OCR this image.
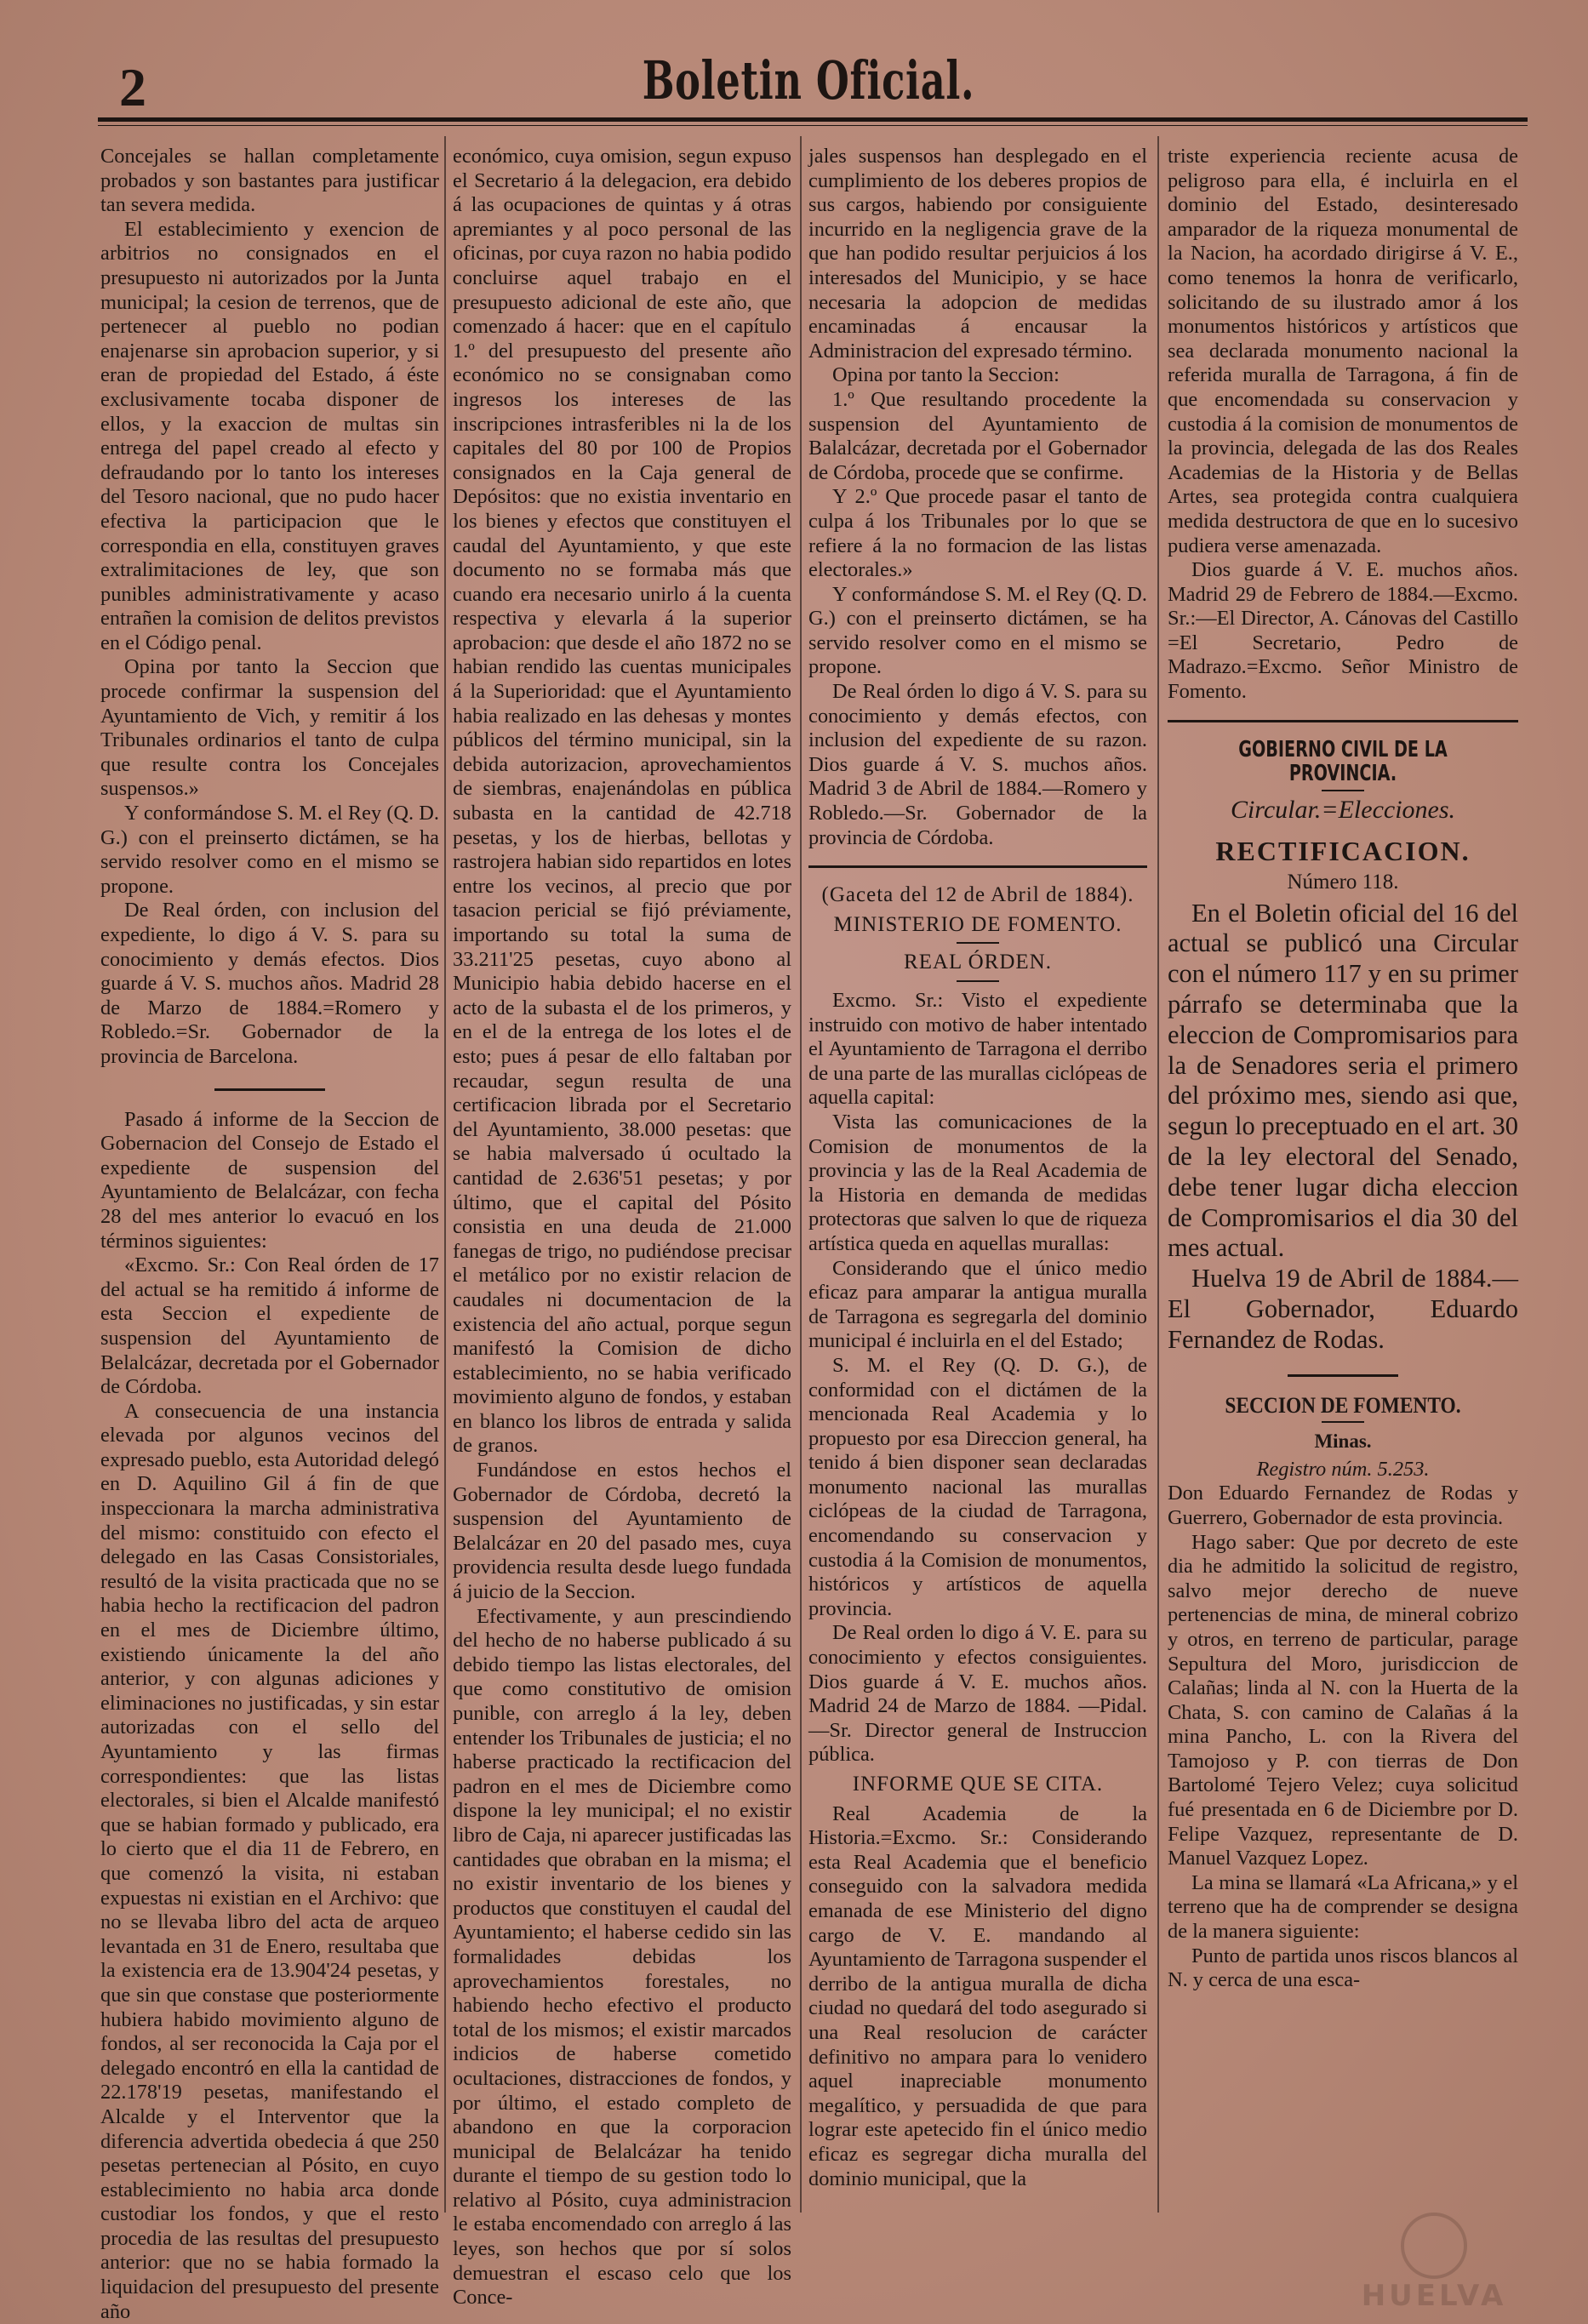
2	Boletin Oficial.

Concejales se hallan completamente probados y son bastantes para justificar tan severa medida.

El establecimiento y exencion de arbitrios no consignados en el presupuesto ni autorizados por la Junta municipal; la cesion de terrenos, que de pertenecer al pueblo no podian enajenarse sin aprobacion superior, y si eran de propiedad del Estado, á éste exclusivamente tocaba disponer de ellos, y la exaccion de multas sin entrega del papel creado al efecto y defraudando por lo tanto los intereses del Tesoro nacional, que no pudo hacer efectiva la participacion que le correspondia en ella, constituyen graves extralimitaciones de ley, que son punibles administrativamente y acaso entrañen la comision de delitos previstos en el Código penal.

Opina por tanto la Seccion que procede confirmar la suspension del Ayuntamiento de Vich, y remitir á los Tribunales ordinarios el tanto de culpa que resulte contra los Concejales suspensos.»

Y conformándose S. M. el Rey (Q. D. G.) con el preinserto dictámen, se ha servido resolver como en el mismo se propone.

De Real órden, con inclusion del expediente, lo digo á V. S. para su conocimiento y demás efectos. Dios guarde á V. S. muchos años. Madrid 28 de Marzo de 1884.=Romero y Robledo.=Sr. Gobernador de la provincia de Barcelona.

Pasado á informe de la Seccion de Gobernacion del Consejo de Estado el expediente de suspension del Ayuntamiento de Belalcázar, con fecha 28 del mes anterior lo evacuó en los términos siguientes:

«Excmo. Sr.: Con Real órden de 17 del actual se ha remitido á informe de esta Seccion el expediente de suspension del Ayuntamiento de Belalcázar, decretada por el Gobernador de Córdoba.

A consecuencia de una instancia elevada por algunos vecinos del expresado pueblo, esta Autoridad delegó en D. Aquilino Gil á fin de que inspeccionara la marcha administrativa del mismo: constituido con efecto el delegado en las Casas Consistoriales, resultó de la visita practicada que no se habia hecho la rectificacion del padron en el mes de Diciembre último, existiendo únicamente la del año anterior, y con algunas adiciones y eliminaciones no justificadas, y sin estar autorizadas con el sello del Ayuntamiento y las firmas correspondientes: que las listas electorales, si bien el Alcalde manifestó que se habian formado y publicado, era lo cierto que el dia 11 de Febrero, en que comenzó la visita, ni estaban expuestas ni existian en el Archivo: que no se llevaba libro del acta de arqueo levantada en 31 de Enero, resultaba que la existencia era de 13.904'24 pesetas, y que sin que constase que posteriormente hubiera habido movimiento alguno de fondos, al ser reconocida la Caja por el delegado encontró en ella la cantidad de 22.178'19 pesetas, manifestando el Alcalde y el Interventor que la diferencia advertida obedecia á que 250 pesetas pertenecian al Pósito, en cuyo establecimiento no habia arca donde custodiar los fondos, y que el resto procedia de las resultas del presupuesto anterior: que no se habia formado la liquidacion del presupuesto del presente año

económico, cuya omision, segun expuso el Secretario á la delegacion, era debido á las ocupaciones de quintas y á otras apremiantes y al poco personal de las oficinas, por cuya razon no habia podido concluirse aquel trabajo en el presupuesto adicional de este año, que comenzado á hacer: que en el capítulo 1.º del presupuesto del presente año económico no se consignaban como ingresos los intereses de las inscripciones intrasferibles ni la de los capitales del 80 por 100 de Propios consignados en la Caja general de Depósitos: que no existia inventario en los bienes y efectos que constituyen el caudal del Ayuntamiento, y que este documento no se formaba más que cuando era necesario unirlo á la cuenta respectiva y elevarla á la superior aprobacion: que desde el año 1872 no se habian rendido las cuentas municipales á la Superioridad: que el Ayuntamiento habia realizado en las dehesas y montes públicos del término municipal, sin la debida autorizacion, aprovechamientos de siembras, enajenándolas en pública subasta en la cantidad de 42.718 pesetas, y los de hierbas, bellotas y rastrojera habian sido repartidos en lotes entre los vecinos, al precio que por tasacion pericial se fijó préviamente, importando su total la suma de 33.211'25 pesetas, cuyo abono al Municipio habia debido hacerse en el acto de la subasta el de los primeros, y en el de la entrega de los lotes el de esto; pues á pesar de ello faltaban por recaudar, segun resulta de una certificacion librada por el Secretario del Ayuntamiento, 38.000 pesetas: que se habia malversado ú ocultado la cantidad de 2.636'51 pesetas; y por último, que el capital del Pósito consistia en una deuda de 21.000 fanegas de trigo, no pudiéndose precisar el metálico por no existir relacion de caudales ni documentacion de la existencia del año actual, porque segun manifestó la Comision de dicho establecimiento, no se habia verificado movimiento alguno de fondos, y estaban en blanco los libros de entrada y salida de granos.

Fundándose en estos hechos el Gobernador de Córdoba, decretó la suspension del Ayuntamiento de Belalcázar en 20 del pasado mes, cuya providencia resulta desde luego fundada á juicio de la Seccion.

Efectivamente, y aun prescindiendo del hecho de no haberse publicado á su debido tiempo las listas electorales, del que como constitutivo de omision punible, con arreglo á la ley, deben entender los Tribunales de justicia; el no haberse practicado la rectificacion del padron en el mes de Diciembre como dispone la ley municipal; el no existir libro de Caja, ni aparecer justificadas las cantidades que obraban en la misma; el no existir inventario de los bienes y productos que constituyen el caudal del Ayuntamiento; el haberse cedido sin las formalidades debidas los aprovechamientos forestales, no habiendo hecho efectivo el producto total de los mismos; el existir marcados indicios de haberse cometido ocultaciones, distracciones de fondos, y por último, el estado completo de abandono en que la corporacion municipal de Belalcázar ha tenido durante el tiempo de su gestion todo lo relativo al Pósito, cuya administracion le estaba encomendado con arreglo á las leyes, son hechos que por sí solos demuestran el escaso celo que los Conce-

jales suspensos han desplegado en el cumplimiento de los deberes propios de sus cargos, habiendo por consiguiente incurrido en la negligencia grave de la que han podido resultar perjuicios á los interesados del Municipio, y se hace necesaria la adopcion de medidas encaminadas á encausar la Administracion del expresado término.

Opina por tanto la Seccion:

1.º Que resultando procedente la suspension del Ayuntamiento de Balalcázar, decretada por el Gobernador de Córdoba, procede que se confirme.

Y 2.º Que procede pasar el tanto de culpa á los Tribunales por lo que se refiere á la no formacion de las listas electorales.»

Y conformándose S. M. el Rey (Q. D. G.) con el preinserto dictámen, se ha servido resolver como en el mismo se propone.

De Real órden lo digo á V. S. para su conocimiento y demás efectos, con inclusion del expediente de su razon. Dios guarde á V. S. muchos años. Madrid 3 de Abril de 1884.—Romero y Robledo.—Sr. Gobernador de la provincia de Córdoba.

(Gaceta del 12 de Abril de 1884).
MINISTERIO DE FOMENTO.
REAL ÓRDEN.

Excmo. Sr.: Visto el expediente instruido con motivo de haber intentado el Ayuntamiento de Tarragona el derribo de una parte de las murallas ciclópeas de aquella capital:

Vista las comunicaciones de la Comision de monumentos de la provincia y las de la Real Academia de la Historia en demanda de medidas protectoras que salven lo que de riqueza artística queda en aquellas murallas:

Considerando que el único medio eficaz para amparar la antigua muralla de Tarragona es segregarla del dominio municipal é incluirla en el del Estado;

S. M. el Rey (Q. D. G.), de conformidad con el dictámen de la mencionada Real Academia y lo propuesto por esa Direccion general, ha tenido á bien disponer sean declaradas monumento nacional las murallas ciclópeas de la ciudad de Tarragona, encomendando su conservacion y custodia á la Comision de monumentos, históricos y artísticos de aquella provincia.

De Real orden lo digo á V. E. para su conocimiento y efectos consiguientes. Dios guarde á V. E. muchos años. Madrid 24 de Marzo de 1884. —Pidal.—Sr. Director general de Instruccion pública.

INFORME QUE SE CITA.

Real Academia de la Historia.=Excmo. Sr.: Considerando esta Real Academia que el beneficio conseguido con la salvadora medida emanada de ese Ministerio del digno cargo de V. E. mandando al Ayuntamiento de Tarragona suspender el derribo de la antigua muralla de dicha ciudad no quedará del todo asegurado si una Real resolucion de carácter definitivo no ampara para lo venidero aquel inapreciable monumento megalítico, y persuadida de que para lograr este apetecido fin el único medio eficaz es segregar dicha muralla del dominio municipal, que la

triste experiencia reciente acusa de peligroso para ella, é incluirla en el dominio del Estado, desinteresado amparador de la riqueza monumental de la Nacion, ha acordado dirigirse á V. E., como tenemos la honra de verificarlo, solicitando de su ilustrado amor á los monumentos históricos y artísticos que sea declarada monumento nacional la referida muralla de Tarragona, á fin de que encomendada su conservacion y custodia á la comision de monumentos de la provincia, delegada de las dos Reales Academias de la Historia y de Bellas Artes, sea protegida contra cualquiera medida destructora de que en lo sucesivo pudiera verse amenazada.

Dios guarde á V. E. muchos años. Madrid 29 de Febrero de 1884.—Excmo. Sr.:—El Director, A. Cánovas del Castillo =El Secretario, Pedro de Madrazo.=Excmo. Señor Ministro de Fomento.

GOBIERNO CIVIL DE LA PROVINCIA.
Circular.=Elecciones.
RECTIFICACION.
Número 118.

En el Boletin oficial del 16 del actual se publicó una Circular con el número 117 y en su primer párrafo se determinaba que la eleccion de Compromisarios para la de Senadores seria el primero del próximo mes, siendo asi que, segun lo preceptuado en el art. 30 de la ley electoral del Senado, debe tener lugar dicha eleccion de Compromisarios el dia 30 del mes actual.

Huelva 19 de Abril de 1884.—El Gobernador, Eduardo Fernandez de Rodas.

SECCION DE FOMENTO.
Minas.
Registro núm. 5.253.

Don Eduardo Fernandez de Rodas y Guerrero, Gobernador de esta provincia.

Hago saber: Que por decreto de este dia he admitido la solicitud de registro, salvo mejor derecho de nueve pertenencias de mina, de mineral cobrizo y otros, en terreno de particular, parage Sepultura del Moro, jurisdiccion de Calañas; linda al N. con la Huerta de la Chata, S. con camino de Calañas á la mina Pancho, L. con la Rivera del Tamojoso y P. con tierras de Don Bartolomé Tejero Velez; cuya solicitud fué presentada en 6 de Diciembre por D. Felipe Vazquez, representante de D. Manuel Vazquez Lopez.

La mina se llamará «La Africana,» y el terreno que ha de comprender se designa de la manera siguiente:

Punto de partida unos riscos blancos al N. y cerca de una esca-

HUELVA
